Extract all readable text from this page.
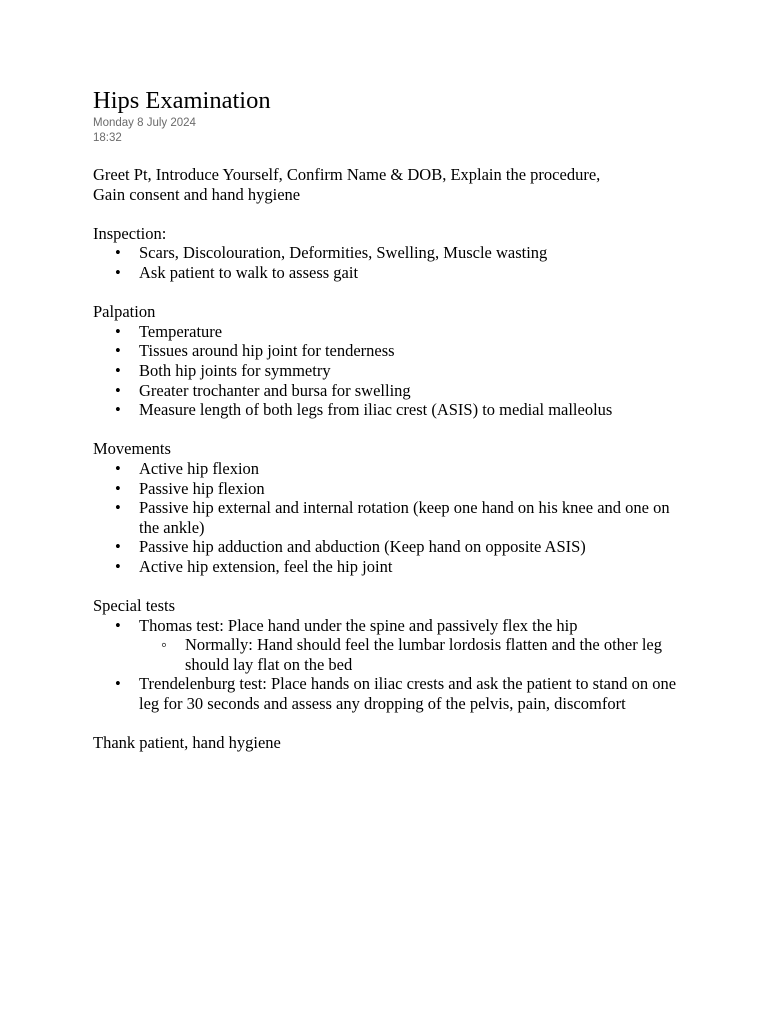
Hips Examination
Monday 8 July 2024
18:32
Greet Pt, Introduce Yourself, Confirm Name & DOB, Explain the procedure,
Gain consent and hand hygiene
Inspection:
• Scars, Discolouration, Deformities, Swelling, Muscle wasting
• Ask patient to walk to assess gait
Palpation
• Temperature
• Tissues around hip joint for tenderness
• Both hip joints for symmetry
• Greater trochanter and bursa for swelling
• Measure length of both legs from iliac crest (ASIS) to medial malleolus
Movements
• Active hip flexion
• Passive hip flexion
• Passive hip external and internal rotation (keep one hand on his knee and one on the ankle)
• Passive hip adduction and abduction (Keep hand on opposite ASIS)
• Active hip extension, feel the hip joint
Special tests
• Thomas test: Place hand under the spine and passively flex the hip
◦ Normally: Hand should feel the lumbar lordosis flatten and the other leg should lay flat on the bed
• Trendelenburg test: Place hands on iliac crests and ask the patient to stand on one leg for 30 seconds and assess any dropping of the pelvis, pain, discomfort
Thank patient, hand hygiene
